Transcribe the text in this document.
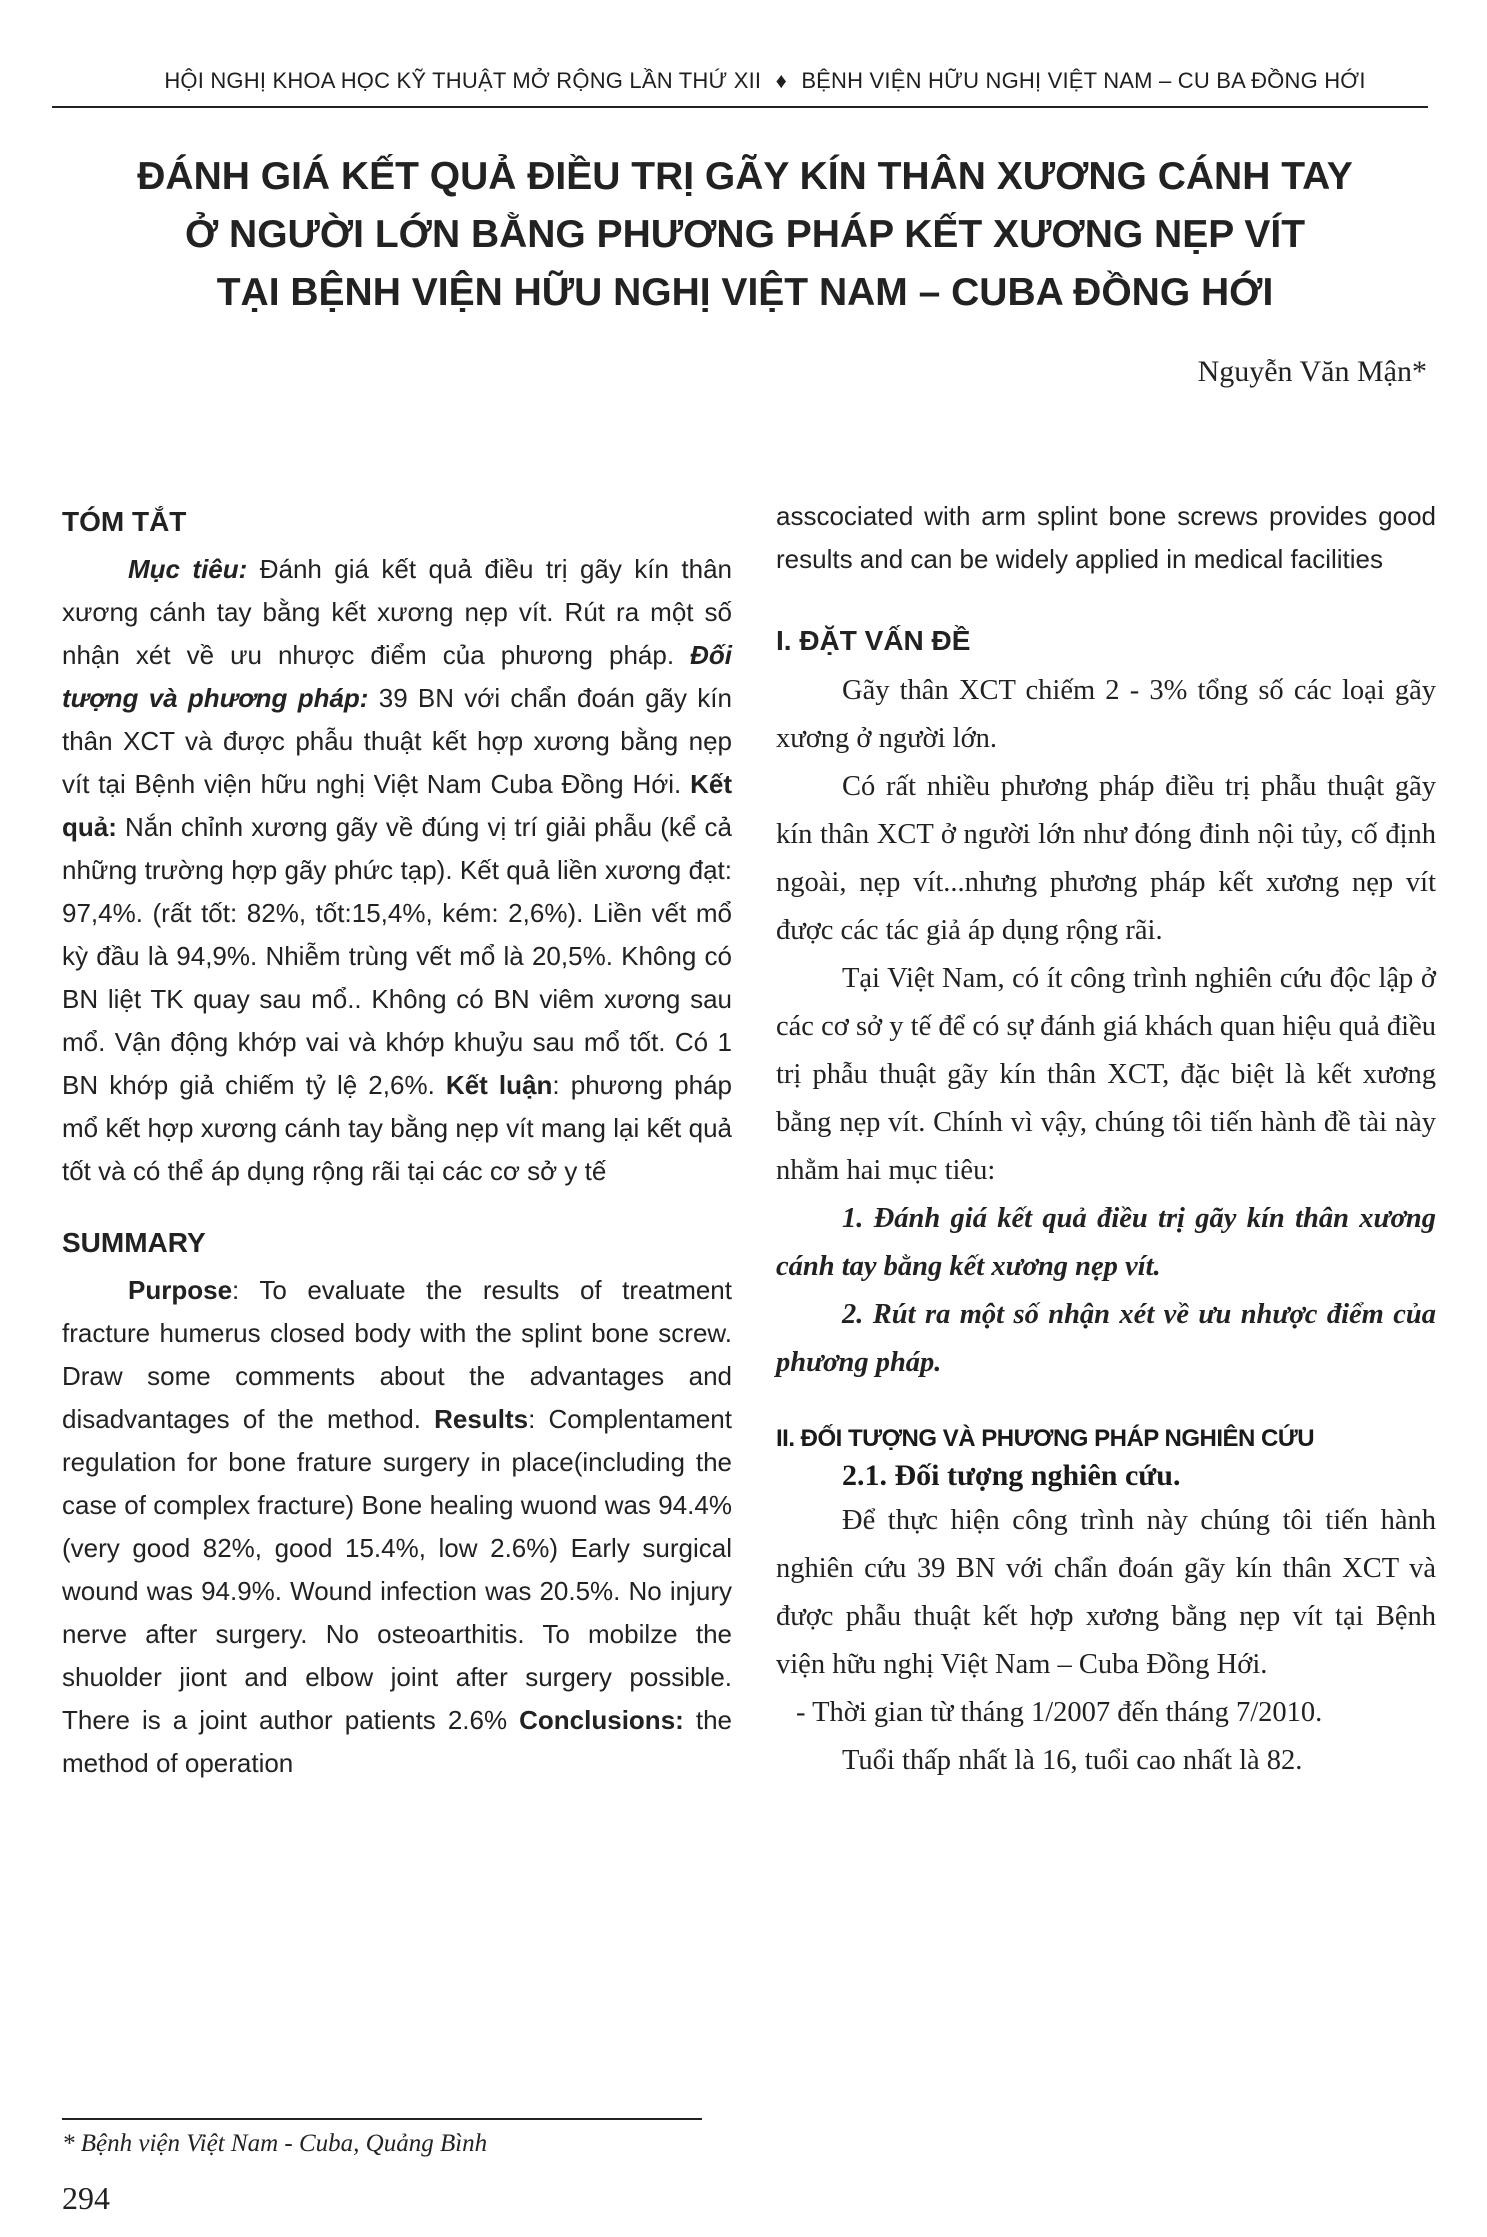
HỘI NGHỊ KHOA HỌC KỸ THUẬT MỞ RỘNG LẦN THỨ XII ♦ BỆNH VIỆN HỮU NGHỊ VIỆT NAM – CU BA ĐỒNG HỚI
ĐÁNH GIÁ KẾT QUẢ ĐIỀU TRỊ GÃY KÍN THÂN XƯƠNG CÁNH TAY
Ở NGƯỜI LỚN BẰNG PHƯƠNG PHÁP KẾT XƯƠNG NẸP VÍT
TẠI BỆNH VIỆN HỮU NGHỊ VIỆT NAM – CUBA ĐỒNG HỚI
Nguyễn Văn Mận*
TÓM TẮT

Mục tiêu: Đánh giá kết quả điều trị gãy kín thân xương cánh tay bằng kết xương nẹp vít. Rút ra một số nhận xét về ưu nhược điểm của phương pháp. Đối tượng và phương pháp: 39 BN với chẩn đoán gãy kín thân XCT và được phẫu thuật kết hợp xương bằng nẹp vít tại Bệnh viện hữu nghị Việt Nam Cuba Đồng Hới. Kết quả: Nắn chỉnh xương gãy về đúng vị trí giải phẫu (kể cả những trường hợp gãy phức tạp). Kết quả liền xương đạt: 97,4%. (rất tốt: 82%, tốt:15,4%, kém: 2,6%). Liền vết mổ kỳ đầu là 94,9%. Nhiễm trùng vết mổ là 20,5%. Không có BN liệt TK quay sau mổ.. Không có BN viêm xương sau mổ. Vận động khớp vai và khớp khuỷu sau mổ tốt. Có 1 BN khớp giả chiếm tỷ lệ 2,6%. Kết luận: phương pháp mổ kết hợp xương cánh tay bằng nẹp vít mang lại kết quả tốt và có thể áp dụng rộng rãi tại các cơ sở y tế

SUMMARY

Purpose: To evaluate the results of treatment fracture humerus closed body with the splint bone screw. Draw some comments about the advantages and disadvantages of the method. Results: Complentament regulation for bone frature surgery in place(including the case of complex fracture) Bone healing wuond was 94.4% (very good 82%, good 15.4%, low 2.6%) Early surgical wound was 94.9%. Wound infection was 20.5%. No injury nerve after surgery. No osteoarthitis. To mobilze the shuolder jiont and elbow joint after surgery possible. There is a joint author patients 2.6% Conclusions: the method of operation

asscociated with arm splint bone screws provides good results and can be widely applied in medical facilities

I. ĐẶT VẤN ĐỀ

Gãy thân XCT chiếm 2 - 3% tổng số các loại gãy xương ở người lớn.

Có rất nhiều phương pháp điều trị phẫu thuật gãy kín thân XCT ở người lớn như đóng đinh nội tủy, cố định ngoài, nẹp vít...nhưng phương pháp kết xương nẹp vít được các tác giả áp dụng rộng rãi.

Tại Việt Nam, có ít công trình nghiên cứu độc lập ở các cơ sở y tế để có sự đánh giá khách quan hiệu quả điều trị phẫu thuật gãy kín thân XCT, đặc biệt là kết xương bằng nẹp vít. Chính vì vậy, chúng tôi tiến hành đề tài này nhằm hai mục tiêu:

1. Đánh giá kết quả điều trị gãy kín thân xương cánh tay bằng kết xương nẹp vít.

2. Rút ra một số nhận xét về ưu nhược điểm của phương pháp.

II. ĐỐI TƯỢNG VÀ PHƯƠNG PHÁP NGHIÊN CỨU
2.1. Đối tượng nghiên cứu.

Để thực hiện công trình này chúng tôi tiến hành nghiên cứu 39 BN với chẩn đoán gãy kín thân XCT và được phẫu thuật kết hợp xương bằng nẹp vít tại Bệnh viện hữu nghị Việt Nam – Cuba Đồng Hới.

- Thời gian từ tháng 1/2007 đến tháng 7/2010.

Tuổi thấp nhất là 16, tuổi cao nhất là 82.

* Bệnh viện Việt Nam - Cuba, Quảng Bình
294
